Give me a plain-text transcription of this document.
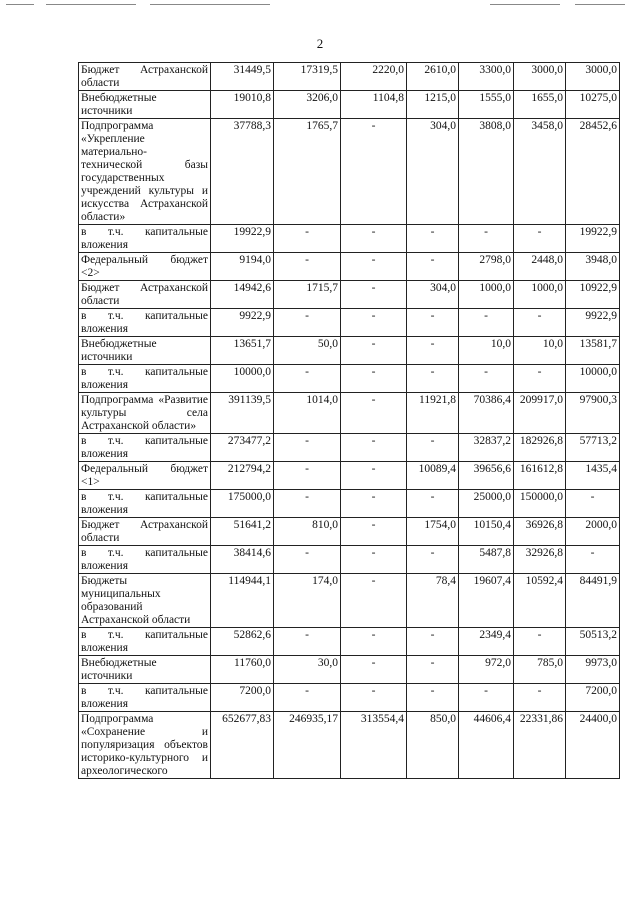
2
Бюджет Астраханской области	31449,5	17319,5	2220,0	2610,0	3300,0	3000,0	3000,0
Внебюджетные источники	19010,8	3206,0	1104,8	1215,0	1555,0	1655,0	10275,0
Подпрограмма «Укрепление материально-технической базы государственных учреждений культуры и искусства Астраханской области»	37788,3	1765,7	-	304,0	3808,0	3458,0	28452,6
в т.ч. капитальные вложения	19922,9	-	-	-	-	-	19922,9
Федеральный бюджет <2>	9194,0	-	-	-	2798,0	2448,0	3948,0
Бюджет Астраханской области	14942,6	1715,7	-	304,0	1000,0	1000,0	10922,9
в т.ч. капитальные вложения	9922,9	-	-	-	-	-	9922,9
Внебюджетные источники	13651,7	50,0	-	-	10,0	10,0	13581,7
в т.ч. капитальные вложения	10000,0	-	-	-	-	-	10000,0
Подпрограмма «Развитие культуры села Астраханской области»	391139,5	1014,0	-	11921,8	70386,4	209917,0	97900,3
в т.ч. капитальные вложения	273477,2	-	-	-	32837,2	182926,8	57713,2
Федеральный бюджет <1>	212794,2	-	-	10089,4	39656,6	161612,8	1435,4
в т.ч. капитальные вложения	175000,0	-	-	-	25000,0	150000,0	-
Бюджет Астраханской области	51641,2	810,0	-	1754,0	10150,4	36926,8	2000,0
в т.ч. капитальные вложения	38414,6	-	-	-	5487,8	32926,8	-
Бюджеты муниципальных образований Астраханской области	114944,1	174,0	-	78,4	19607,4	10592,4	84491,9
в т.ч. капитальные вложения	52862,6	-	-	-	2349,4	-	50513,2
Внебюджетные источники	11760,0	30,0	-	-	972,0	785,0	9973,0
в т.ч. капитальные вложения	7200,0	-	-	-	-	-	7200,0
Подпрограмма «Сохранение и популяризация объектов историко-культурного и археологического	652677,83	246935,17	313554,4	850,0	44606,4	22331,86	24400,0
